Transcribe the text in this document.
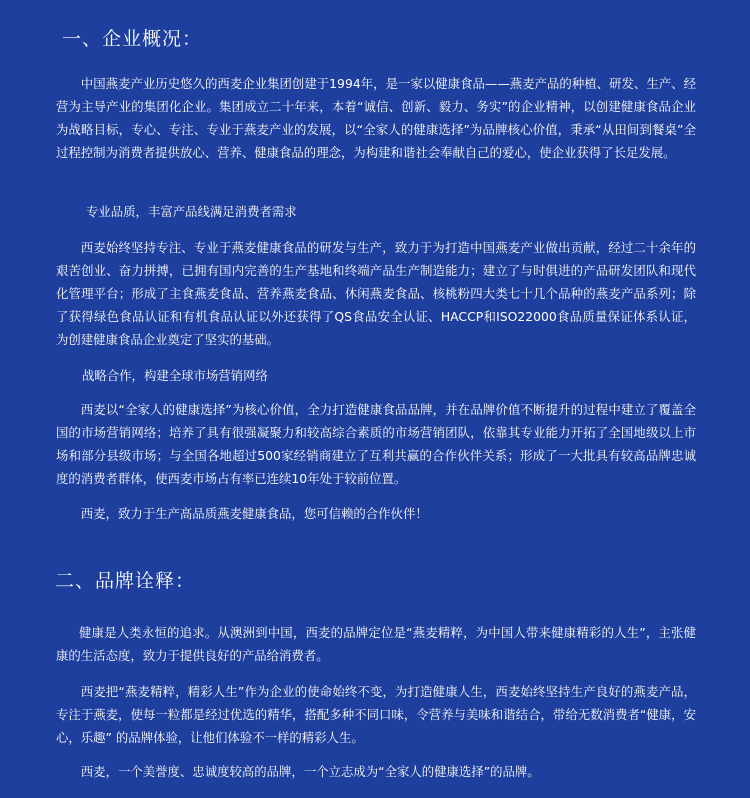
一、企业概况：

中国燕麦产业历史悠久的西麦企业集团创建于1994年，是一家以健康食品——燕麦产品的种植、研发、生产、经营为主导产业的集团化企业。集团成立二十年来，本着“诚信、创新、毅力、务实”的企业精神，以创建健康食品企业为战略目标，专心、专注、专业于燕麦产业的发展，以“全家人的健康选择”为品牌核心价值，秉承“从田间到餐桌”全过程控制为消费者提供放心、营养、健康食品的理念，为构建和谐社会奉献自己的爱心，使企业获得了长足发展。

专业品质，丰富产品线满足消费者需求

西麦始终坚持专注、专业于燕麦健康食品的研发与生产，致力于为打造中国燕麦产业做出贡献，经过二十余年的艰苦创业、奋力拼搏，已拥有国内完善的生产基地和终端产品生产制造能力；建立了与时俱进的产品研发团队和现代化管理平台；形成了主食燕麦食品、营养燕麦食品、休闲燕麦食品、核桃粉四大类七十几个品种的燕麦产品系列；除了获得绿色食品认证和有机食品认证以外还获得了QS食品安全认证、HACCP和ISO22000食品质量保证体系认证，为创建健康食品企业奠定了坚实的基础。

战略合作，构建全球市场营销网络

西麦以“全家人的健康选择”为核心价值，全力打造健康食品品牌，并在品牌价值不断提升的过程中建立了覆盖全国的市场营销网络；培养了具有很强凝聚力和较高综合素质的市场营销团队，依靠其专业能力开拓了全国地级以上市场和部分县级市场；与全国各地超过500家经销商建立了互利共赢的合作伙伴关系；形成了一大批具有较高品牌忠诚度的消费者群体，使西麦市场占有率已连续10年处于较前位置。

西麦，致力于生产高品质燕麦健康食品，您可信赖的合作伙伴！

二、品牌诠释：

健康是人类永恒的追求。从澳洲到中国，西麦的品牌定位是“燕麦精粹，为中国人带来健康精彩的人生”，主张健康的生活态度，致力于提供良好的产品给消费者。

西麦把“燕麦精粹，精彩人生”作为企业的使命始终不变，为打造健康人生，西麦始终坚持生产良好的燕麦产品，专注于燕麦，使每一粒都是经过优选的精华，搭配多种不同口味，令营养与美味和谐结合，带给无数消费者“健康，安心，乐趣” 的品牌体验，让他们体验不一样的精彩人生。

西麦，一个美誉度、忠诚度较高的品牌，一个立志成为“全家人的健康选择”的品牌。
